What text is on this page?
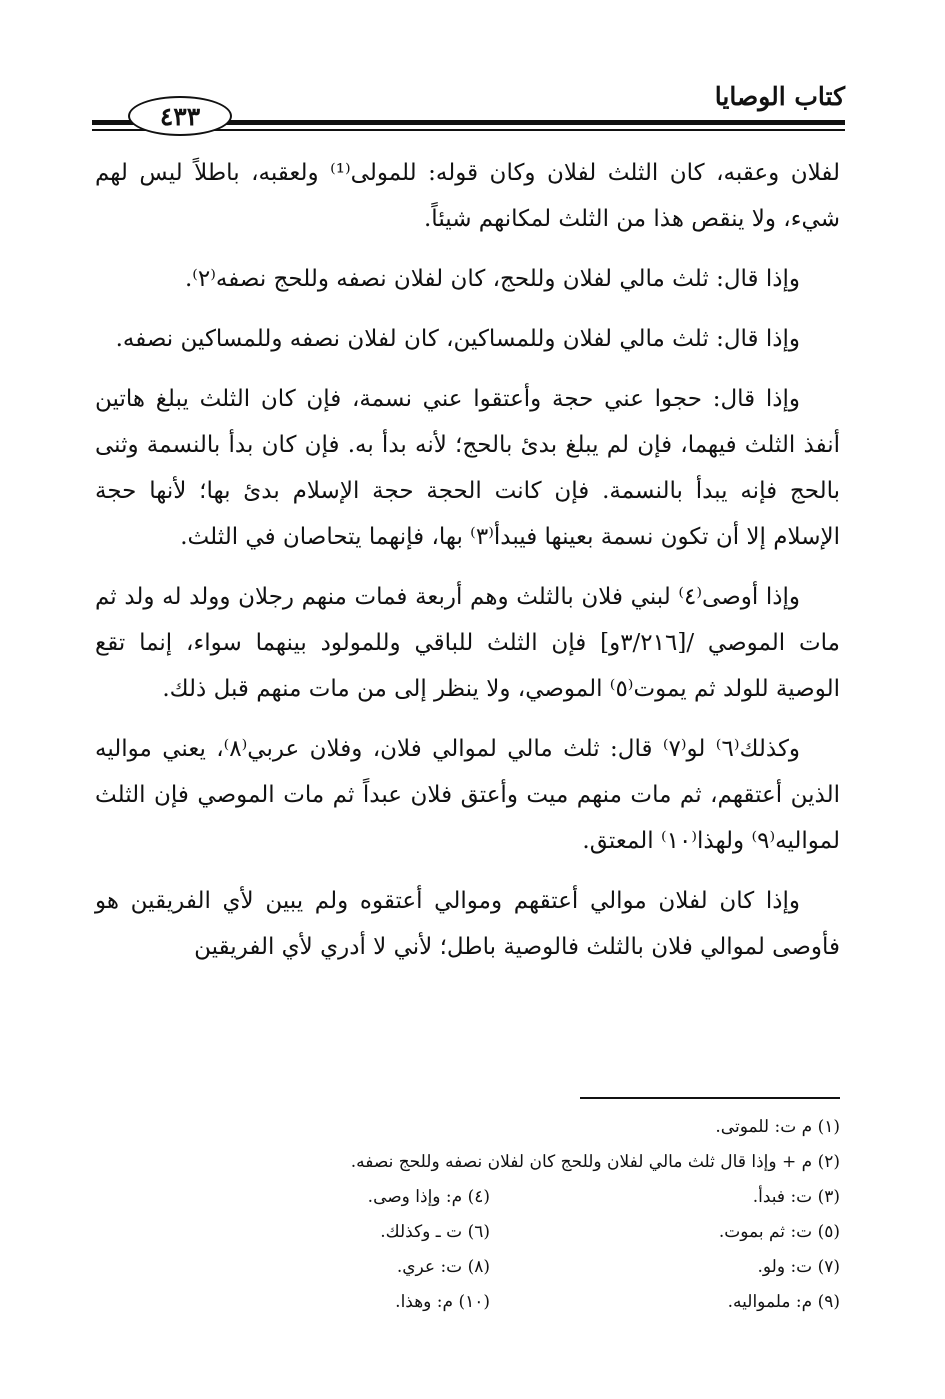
كتاب الوصايا
٤٣٣

لفلان وعقبه، كان الثلث لفلان وكان قوله: للمولى⁽¹⁾ ولعقبه، باطلاً ليس لهم شيء، ولا ينقص هذا من الثلث لمكانهم شيئاً.

وإذا قال: ثلث مالي لفلان وللحج، كان لفلان نصفه وللحج نصفه⁽٢⁾.

وإذا قال: ثلث مالي لفلان وللمساكين، كان لفلان نصفه وللمساكين نصفه.

وإذا قال: حجوا عني حجة وأعتقوا عني نسمة، فإن كان الثلث يبلغ هاتين أنفذ الثلث فيهما، فإن لم يبلغ بدئ بالحج؛ لأنه بدأ به. فإن كان بدأ بالنسمة وثنى بالحج فإنه يبدأ بالنسمة. فإن كانت الحجة حجة الإسلام بدئ بها؛ لأنها حجة الإسلام إلا أن تكون نسمة بعينها فيبدأ⁽٣⁾ بها، فإنهما يتحاصان في الثلث.

وإذا أوصى⁽٤⁾ لبني فلان بالثلث وهم أربعة فمات منهم رجلان وولد له ولد ثم مات الموصي /[٣/٢١٦و] فإن الثلث للباقي وللمولود بينهما سواء، إنما تقع الوصية للولد ثم يموت⁽٥⁾ الموصي، ولا ينظر إلى من مات منهم قبل ذلك.

وكذلك⁽٦⁾ لو⁽٧⁾ قال: ثلث مالي لموالي فلان، وفلان عربي⁽٨⁾، يعني مواليه الذين أعتقهم، ثم مات منهم ميت وأعتق فلان عبداً ثم مات الموصي فإن الثلث لمواليه⁽٩⁾ ولهذا⁽١٠⁾ المعتق.

وإذا كان لفلان موالي أعتقهم وموالي أعتقوه ولم يبين لأي الفريقين هو فأوصى لموالي فلان بالثلث فالوصية باطل؛ لأني لا أدري لأي الفريقين

(١) م ت: للموتى.
(٢) م + وإذا قال ثلث مالي لفلان وللحج كان لفلان نصفه وللحج نصفه.
(٣) ت: فبدأ.
(٤) م: وإذا وصى.
(٥) ت: ثم بموت.
(٦) ت ـ وكذلك.
(٧) ت: ولو.
(٨) ت: عري.
(٩) م: ملمواليه.
(١٠) م: وهذا.
